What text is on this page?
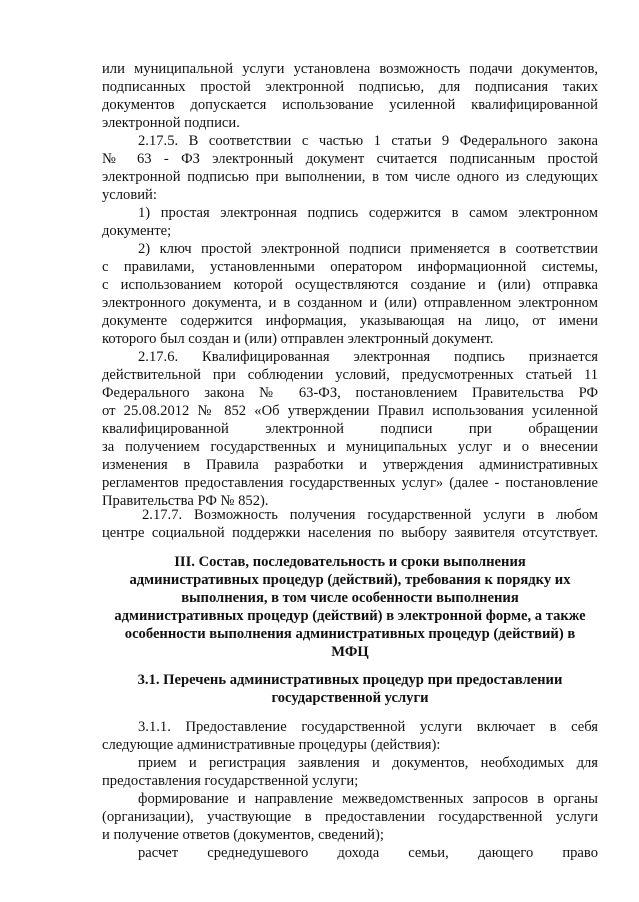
или муниципальной услуги установлена возможность подачи документов,
подписанных простой электронной подписью, для подписания таких
документов допускается использование усиленной квалифицированной
электронной подписи.
2.17.5. В соответствии с частью 1 статьи 9 Федерального закона
№ 63 - ФЗ электронный документ считается подписанным простой
электронной подписью при выполнении, в том числе одного из следующих
условий:
1) простая электронная подпись содержится в самом электронном
документе;
2) ключ простой электронной подписи применяется в соответствии
с правилами, установленными оператором информационной системы,
с использованием которой осуществляются создание и (или) отправка
электронного документа, и в созданном и (или) отправленном электронном
документе содержится информация, указывающая на лицо, от имени
которого был создан и (или) отправлен электронный документ.
2.17.6. Квалифицированная электронная подпись признается
действительной при соблюдении условий, предусмотренных статьей 11
Федерального закона № 63-ФЗ, постановлением Правительства РФ
от 25.08.2012 № 852 «Об утверждении Правил использования усиленной
квалифицированной электронной подписи при обращении
за получением государственных и муниципальных услуг и о внесении
изменения в Правила разработки и утверждения административных
регламентов предоставления государственных услуг» (далее - постановление
Правительства РФ № 852).
2.17.7. Возможность получения государственной услуги в любом
центре социальной поддержки населения по выбору заявителя отсутствует.
III. Состав, последовательность и сроки выполнения
административных процедур (действий), требования к порядку их
выполнения, в том числе особенности выполнения
административных процедур (действий) в электронной форме, а также
особенности выполнения административных процедур (действий) в
МФЦ
3.1. Перечень административных процедур при предоставлении
государственной услуги
3.1.1. Предоставление государственной услуги включает в себя
следующие административные процедуры (действия):
прием и регистрация заявления и документов, необходимых для
предоставления государственной услуги;
формирование и направление межведомственных запросов в органы
(организации), участвующие в предоставлении государственной услуги
и получение ответов (документов, сведений);
расчет среднедушевого дохода семьи, дающего право
